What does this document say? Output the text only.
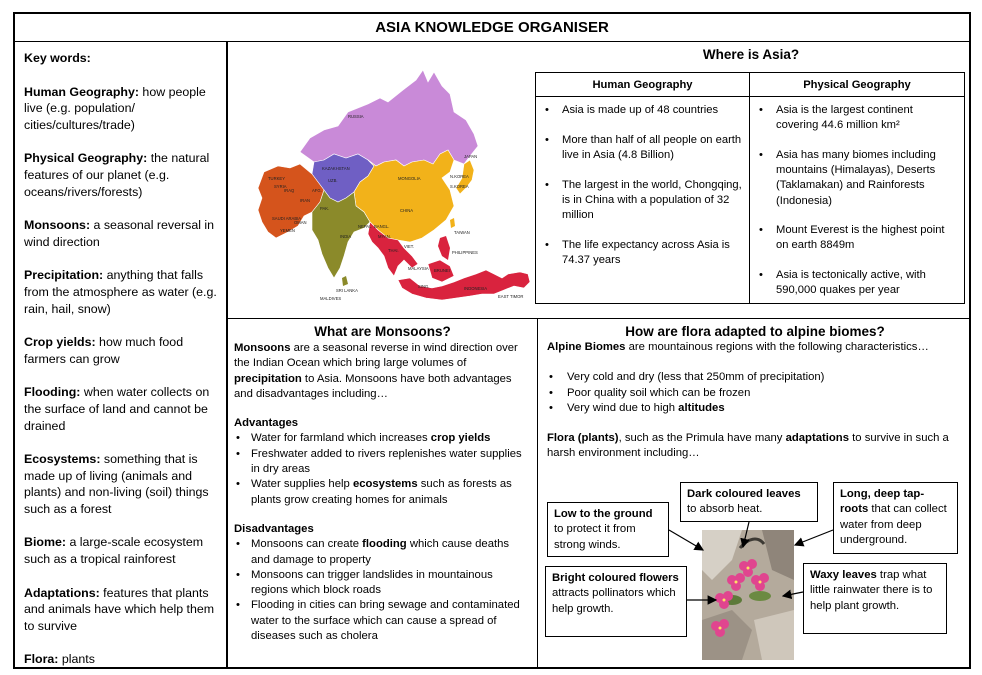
ASIA KNOWLEDGE ORGANISER
Key words:
Human Geography: how people live (e.g. population/ cities/cultures/trade)
Physical Geography: the natural features of our planet (e.g. oceans/rivers/forests)
Monsoons: a seasonal reversal in wind direction
Precipitation: anything that falls from the atmosphere as water (e.g. rain, hail, snow)
Crop yields: how much food farmers can grow
Flooding: when water collects on the surface of land and cannot be drained
Ecosystems: something that is made up of living (animals and plants) and non-living (soil) things such as a forest
Biome: a large-scale ecosystem such as a tropical rainforest
Adaptations: features that plants and animals have which help them to survive
Flora: plants
RUSSIA
KAZAKHSTAN
MONGOLIA
CHINA
INDIA
JAPAN
TAIWAN
PHILIPPINES
SRI LANKA
MALDIVES	EAST TIMOR
SAUDI ARABIA
IRAN
AFG.
PAK.
NEPAL
BRUNEI
SING.
N.KOREA
S.KOREA
TURKEY
IRAQ
UZB.
BANGL.
MYAN.
THAI.
VIET.
MALAYSIA
INDONESIA
YEMEN
OMAN
SYRIA
Where is Asia?
Human Geography
• Asia is made up of 48 countries
• More than half of all people on earth live in Asia (4.8 Billion)
• The largest in the world, Chongqing, is in China with a population of 32 million
• The life expectancy across Asia is 74.37 years
Physical Geography
• Asia is the largest continent covering 44.6 million km²
• Asia has many biomes including mountains (Himalayas), Deserts (Taklamakan) and Rainforests (Indonesia)
• Mount Everest is the highest point on earth 8849m
• Asia is tectonically active, with 590,000 quakes per year
What are Monsoons?
Monsoons are a seasonal reverse in wind direction over the Indian Ocean which bring large volumes of precipitation to Asia. Monsoons have both advantages and disadvantages including…
Advantages
• Water for farmland which increases crop yields
• Freshwater added to rivers replenishes water supplies in dry areas
• Water supplies help ecosystems such as forests as plants grow creating homes for animals
Disadvantages
• Monsoons can create flooding which cause deaths and damage to property
• Monsoons can trigger landslides in mountainous regions which block roads
• Flooding in cities can bring sewage and contaminated water to the surface which can cause a spread of diseases such as cholera
How are flora adapted to alpine biomes?
Alpine Biomes are mountainous regions with the following characteristics…
• Very cold and dry (less that 250mm of precipitation)
• Poor quality soil which can be frozen
• Very wind due to high altitudes
Flora (plants), such as the Primula have many adaptations to survive in such a harsh environment including…
Low to the ground to protect it from strong winds.
Dark coloured leaves to absorb heat.
Long, deep tap-roots that can collect water from deep underground.
Bright coloured flowers attracts pollinators which help growth.
Waxy leaves trap what little rainwater there is to help plant growth.
